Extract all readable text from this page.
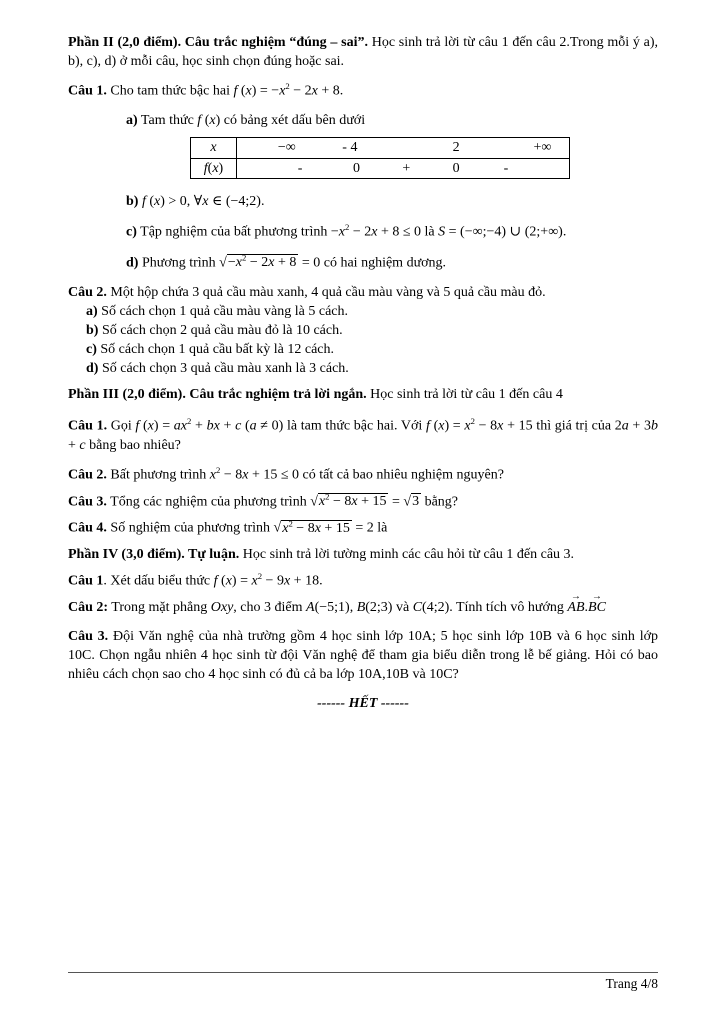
Phần II (2,0 điểm). Câu trắc nghiệm “đúng – sai”. Học sinh trả lời từ câu 1 đến câu 2.Trong mỗi ý a), b), c), d) ở mỗi câu, học sinh chọn đúng hoặc sai.

Câu 1. Cho tam thức bậc hai f $(x) = -x^2 - 2x + 8$.

a) Tam thức f (x) có bảng xét dấu bên dưới

x	−∞	- 4	2	+∞
f(x)	-	0	+	0	-

b) f (x) > 0, ∀x ∈ (−4;2).

c) Tập nghiệm của bất phương trình $-x^2 - 2x + 8 \le 0$ là S = (−∞;−4) ∪ (2;+∞).

d) Phương trình $√-x^2 - 2x + 8 = 0$ có hai nghiệm dương.

Câu 2. Một hộp chứa 3 quả cầu màu xanh, 4 quả cầu màu vàng và 5 quả cầu màu đỏ.

a) Số cách chọn 1 quả cầu màu vàng là 5 cách.

b) Số cách chọn 2 quả cầu màu đỏ là 10 cách.

c) Số cách chọn 1 quả cầu bất kỳ là 12 cách.

d) Số cách chọn 3 quả cầu màu xanh là 3 cách.

Phần III (2,0 điểm). Câu trắc nghiệm trả lời ngắn. Học sinh trả lời từ câu 1 đến câu 4

Câu 1. Gọi f $(x) = ax^2$ + bx + c (a ≠ 0) là tam thức bậc hai. Với f $(x) = x^2 - 8x + 15$ thì giá trị của 2a + 3b + c bằng bao nhiêu?

Câu 2. Bất phương trình $x^2 - 8x + 15 \le 0$ có tất cả bao nhiêu nghiệm nguyên?

Câu 3. Tổng các nghiệm của phương trình $√x^2 - 8x + 15 = √3$ bằng?

Câu 4. Số nghiệm của phương trình $√x^2 - 8x + 15 = 2$ là

Phần IV (3,0 điểm). Tự luận. Học sinh trả lời tường minh các câu hỏi từ câu 1 đến câu 3.

Câu 1. Xét dấu biểu thức f $(x) = x^2 - 9x + 18$.

Câu 2: Trong mặt phẳng Oxy, cho 3 điểm A(−5;1), B(2;3) và C(4;2). Tính tích vô hướng AB →.BC →

Câu 3. Đội Văn nghệ của nhà trường gồm 4 học sinh lớp 10A; 5 học sinh lớp 10B và 6 học sinh lớp 10C. Chọn ngẫu nhiên 4 học sinh từ đội Văn nghệ để tham gia biểu diễn trong lễ bế giảng. Hỏi có bao nhiêu cách chọn sao cho 4 học sinh có đủ cả ba lớp 10A,10B và 10C?

------ HẾT ------

Trang 4/8
